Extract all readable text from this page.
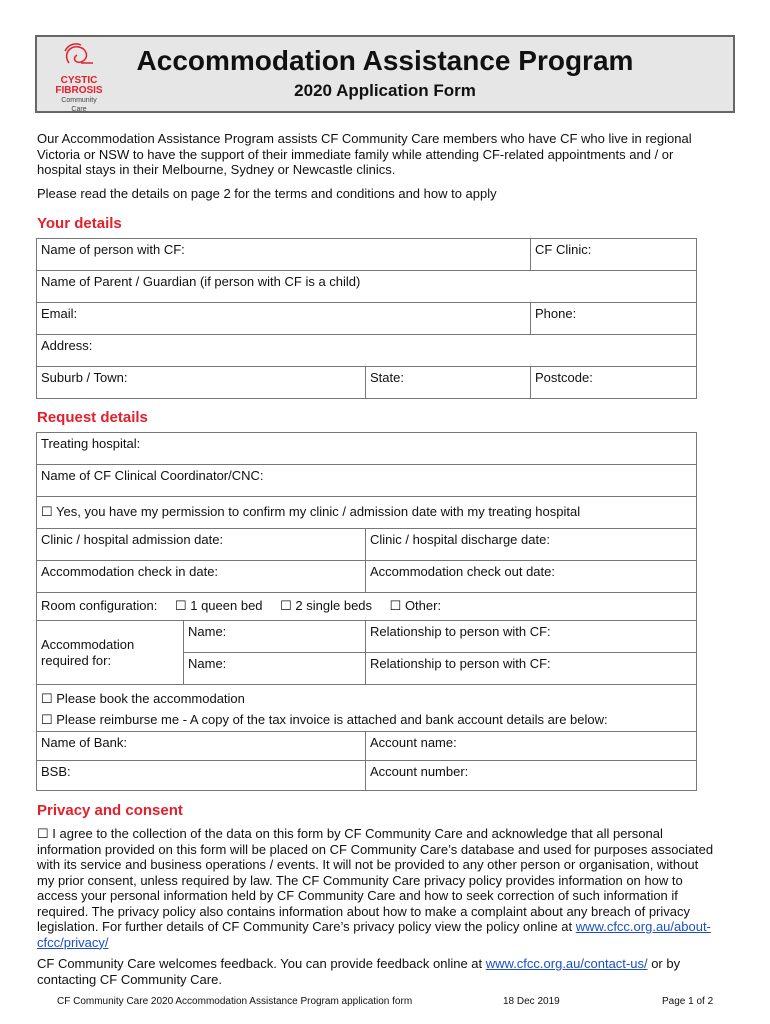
CYSTIC
FIBROSIS
Community
Care
Accommodation Assistance Program
2020 Application Form
Our Accommodation Assistance Program assists CF Community Care members who have CF who live in regional Victoria or NSW to have the support of their immediate family while attending CF-related appointments and / or hospital stays in their Melbourne, Sydney or Newcastle clinics.
Please read the details on page 2 for the terms and conditions and how to apply
Your details
Name of person with CF:	CF Clinic:
Name of Parent / Guardian (if person with CF is a child)
Email:	Phone:
Address:
Suburb / Town:	State:	Postcode:
Request details
Treating hospital:
Name of CF Clinical Coordinator/CNC:
☐ Yes, you have my permission to confirm my clinic / admission date with my treating hospital
Clinic / hospital admission date:	Clinic / hospital discharge date:
Accommodation check in date:	Accommodation check out date:
Room configuration: ☐ 1 queen bed ☐ 2 single beds ☐ Other:
Accommodation required for:
Name:	Relationship to person with CF:
Name:	Relationship to person with CF:
☐ Please book the accommodation
☐ Please reimburse me - A copy of the tax invoice is attached and bank account details are below:
Name of Bank:	Account name:
BSB:	Account number:
Privacy and consent
☐ I agree to the collection of the data on this form by CF Community Care and acknowledge that all personal information provided on this form will be placed on CF Community Care’s database and used for purposes associated with its service and business operations / events. It will not be provided to any other person or organisation, without my prior consent, unless required by law. The CF Community Care privacy policy provides information on how to access your personal information held by CF Community Care and how to seek correction of such information if required. The privacy policy also contains information about how to make a complaint about any breach of privacy legislation. For further details of CF Community Care’s privacy policy view the policy online at www.cfcc.org.au/about-cfcc/privacy/
CF Community Care welcomes feedback. You can provide feedback online at www.cfcc.org.au/contact-us/ or by contacting CF Community Care.
CF Community Care 2020 Accommodation Assistance Program application form	18 Dec 2019	Page 1 of 2
